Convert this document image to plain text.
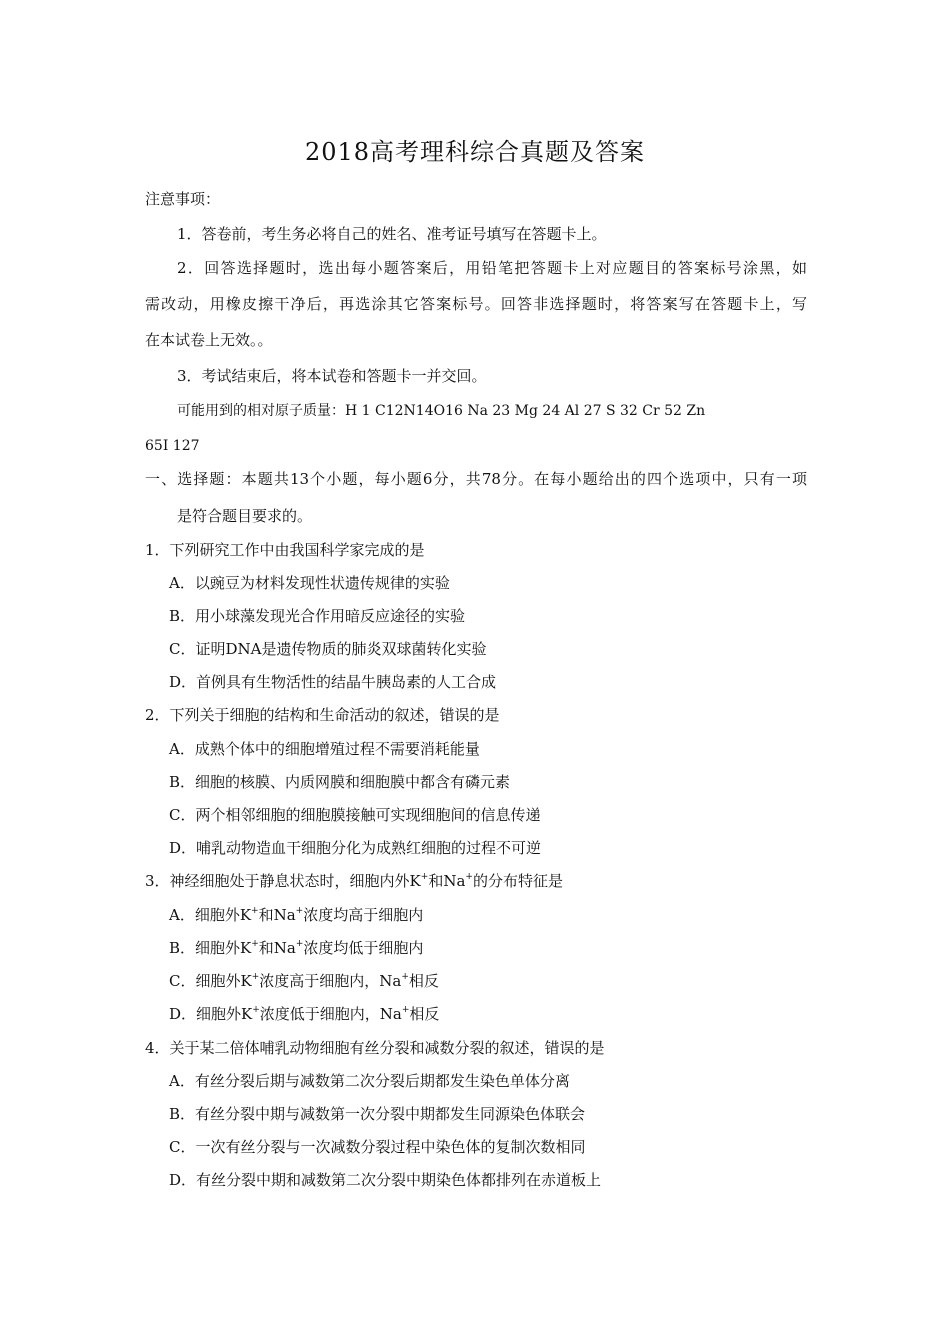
2018高考理科综合真题及答案
注意事项：
1．答卷前，考生务必将自己的姓名、准考证号填写在答题卡上。
2．回答选择题时，选出每小题答案后，用铅笔把答题卡上对应题目的答案标号涂黑，如
需改动，用橡皮擦干净后，再选涂其它答案标号。回答非选择题时，将答案写在答题卡上，写
在本试卷上无效。。
3．考试结束后，将本试卷和答题卡一并交回。
可能用到的相对原子质量：H 1 C12N14O16 Na 23 Mg 24 Al 27 S 32 Cr 52 Zn
65I 127
一、选择题：本题共13个小题，每小题6分，共78分。在每小题给出的四个选项中，只有一项
是符合题目要求的。
1．下列研究工作中由我国科学家完成的是
A．以豌豆为材料发现性状遗传规律的实验
B．用小球藻发现光合作用暗反应途径的实验
C．证明DNA是遗传物质的肺炎双球菌转化实验
D．首例具有生物活性的结晶牛胰岛素的人工合成
2．下列关于细胞的结构和生命活动的叙述，错误的是
A．成熟个体中的细胞增殖过程不需要消耗能量
B．细胞的核膜、内质网膜和细胞膜中都含有磷元素
C．两个相邻细胞的细胞膜接触可实现细胞间的信息传递
D．哺乳动物造血干细胞分化为成熟红细胞的过程不可逆
3．神经细胞处于静息状态时，细胞内外K+和Na+的分布特征是
A．细胞外K+和Na+浓度均高于细胞内
B．细胞外K+和Na+浓度均低于细胞内
C．细胞外K+浓度高于细胞内，Na+相反
D．细胞外K+浓度低于细胞内，Na+相反
4．关于某二倍体哺乳动物细胞有丝分裂和减数分裂的叙述，错误的是
A．有丝分裂后期与减数第二次分裂后期都发生染色单体分离
B．有丝分裂中期与减数第一次分裂中期都发生同源染色体联会
C．一次有丝分裂与一次减数分裂过程中染色体的复制次数相同
D．有丝分裂中期和减数第二次分裂中期染色体都排列在赤道板上
